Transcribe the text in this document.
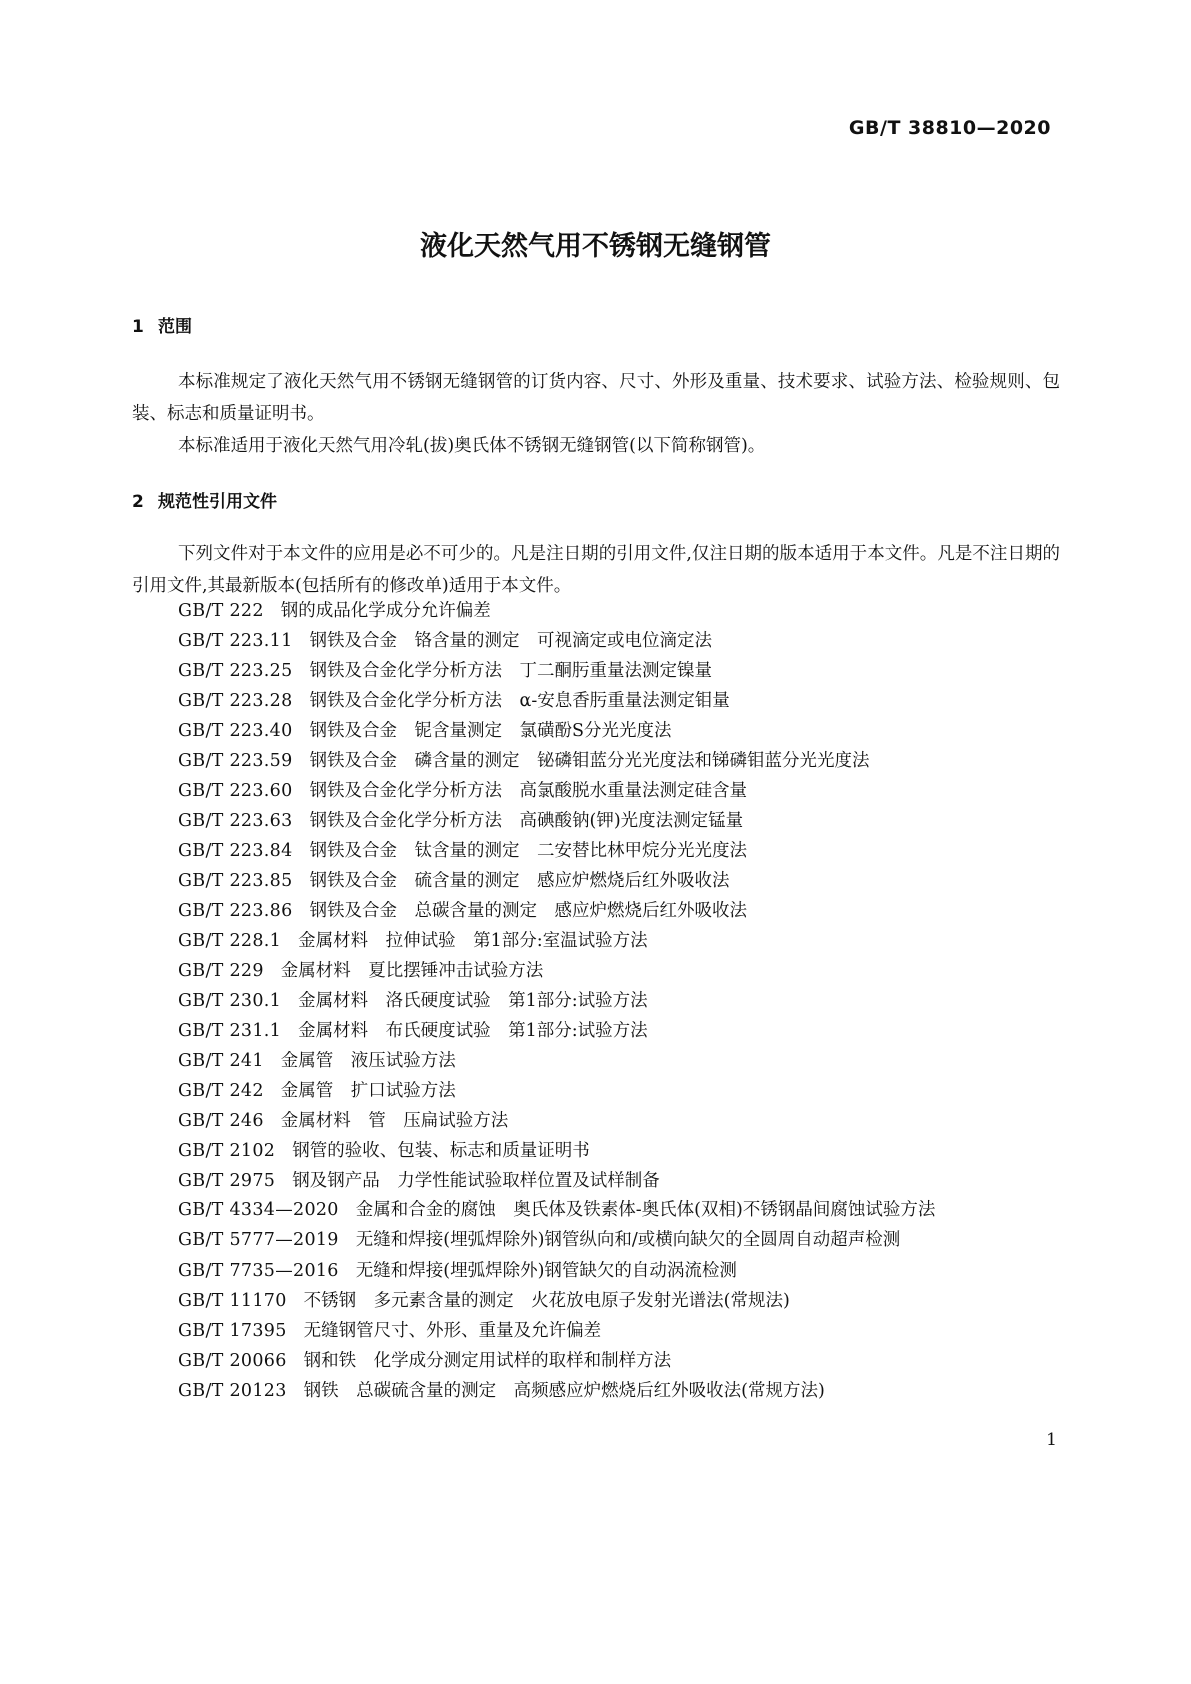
GB/T 38810—2020
液化天然气用不锈钢无缝钢管
1 范围

本标准规定了液化天然气用不锈钢无缝钢管的订货内容、尺寸、外形及重量、技术要求、试验方法、检验规则、包装、标志和质量证明书。

本标准适用于液化天然气用冷轧(拔)奥氏体不锈钢无缝钢管(以下简称钢管)。

2 规范性引用文件

下列文件对于本文件的应用是必不可少的。凡是注日期的引用文件,仅注日期的版本适用于本文件。凡是不注日期的引用文件,其最新版本(包括所有的修改单)适用于本文件。

GB/T 222 钢的成品化学成分允许偏差
GB/T 223.11 钢铁及合金　铬含量的测定　可视滴定或电位滴定法
GB/T 223.25 钢铁及合金化学分析方法　丁二酮肟重量法测定镍量
GB/T 223.28 钢铁及合金化学分析方法　α-安息香肟重量法测定钼量
GB/T 223.40 钢铁及合金　铌含量测定　氯磺酚S分光光度法
GB/T 223.59 钢铁及合金　磷含量的测定　铋磷钼蓝分光光度法和锑磷钼蓝分光光度法
GB/T 223.60 钢铁及合金化学分析方法　高氯酸脱水重量法测定硅含量
GB/T 223.63 钢铁及合金化学分析方法　高碘酸钠(钾)光度法测定锰量
GB/T 223.84 钢铁及合金　钛含量的测定　二安替比林甲烷分光光度法
GB/T 223.85 钢铁及合金　硫含量的测定　感应炉燃烧后红外吸收法
GB/T 223.86 钢铁及合金　总碳含量的测定　感应炉燃烧后红外吸收法
GB/T 228.1 金属材料　拉伸试验　第1部分:室温试验方法
GB/T 229 金属材料　夏比摆锤冲击试验方法
GB/T 230.1 金属材料　洛氏硬度试验　第1部分:试验方法
GB/T 231.1 金属材料　布氏硬度试验　第1部分:试验方法
GB/T 241 金属管　液压试验方法
GB/T 242 金属管　扩口试验方法
GB/T 246 金属材料　管　压扁试验方法
GB/T 2102 钢管的验收、包装、标志和质量证明书
GB/T 2975 钢及钢产品　力学性能试验取样位置及试样制备
GB/T 4334—2020 金属和合金的腐蚀　奥氏体及铁素体-奥氏体(双相)不锈钢晶间腐蚀试验方法
GB/T 5777—2019 无缝和焊接(埋弧焊除外)钢管纵向和/或横向缺欠的全圆周自动超声检测
GB/T 7735—2016 无缝和焊接(埋弧焊除外)钢管缺欠的自动涡流检测
GB/T 11170 不锈钢　多元素含量的测定　火花放电原子发射光谱法(常规法)
GB/T 17395 无缝钢管尺寸、外形、重量及允许偏差
GB/T 20066 钢和铁　化学成分测定用试样的取样和制样方法
GB/T 20123 钢铁　总碳硫含量的测定　高频感应炉燃烧后红外吸收法(常规方法)
1
